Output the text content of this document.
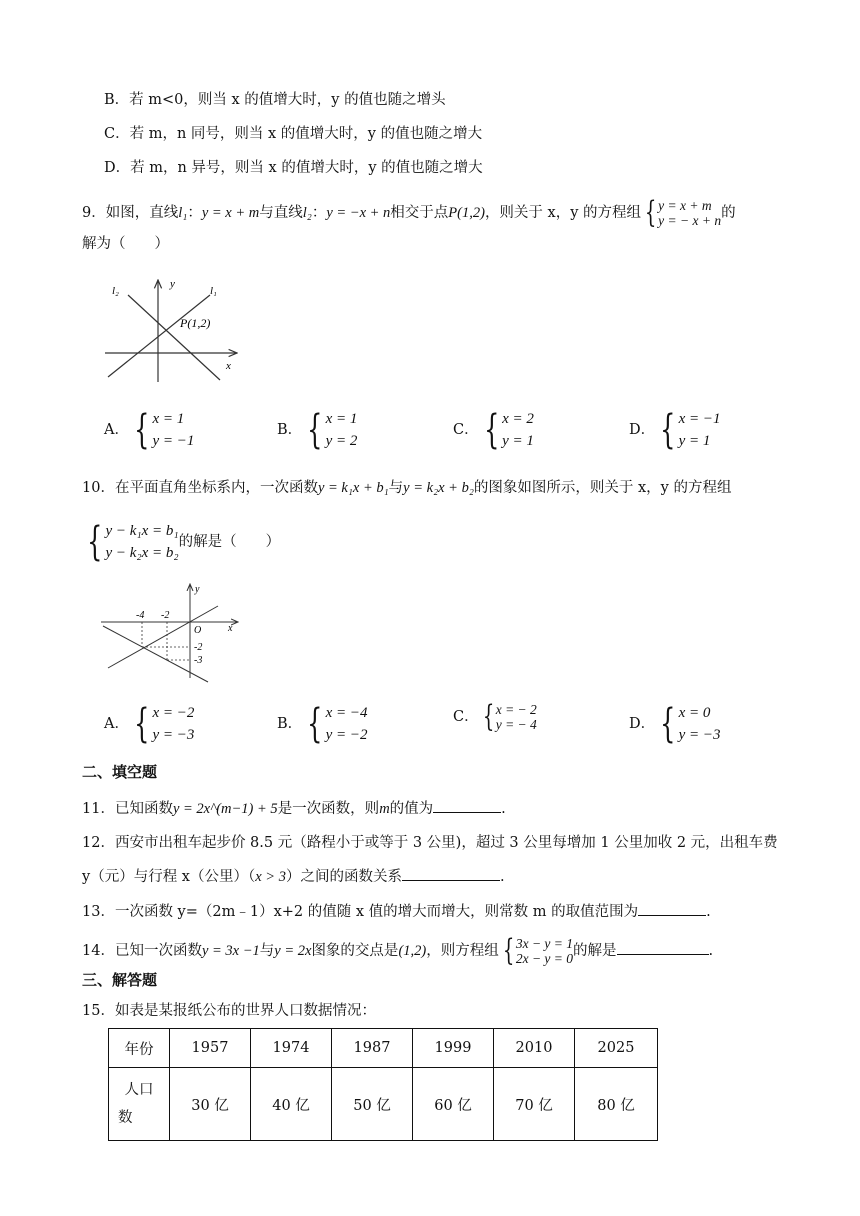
B．若 m<0，则当 x 的值增大时，y 的值也随之增头
C．若 m，n 同号，则当 x 的值增大时，y 的值也随之增大
D．若 m，n 异号，则当 x 的值增大时，y 的值也随之增大
9．如图，直线l₁：y = x + m与直线l₂：y = −x + n相交于点P(1,2)，则关于 x，y 的方程组 { y = x + m
y = − x + n 的
解为（　　）
l₂
y
l₁
P(1,2)
x
A． { x = 1
y = −1
B． { x = 1
y = 2
C． { x = 2
y = 1
D． { x = −1
y = 1
10．在平面直角坐标系内，一次函数y = k₁x + b₁与y = k₂x + b₂的图象如图所示，则关于 x，y 的方程组
{ y − k₁x = b₁
y − k₂x = b₂
的解是（　　）
y
-4 -2
O	x
-2
-3
A． { x = −2
y = −3
B． { x = −4
y = −2
C． { x = − 2
y = − 4	D． { x = 0
y = −3
二、填空题
11．已知函数y = 2x^(m−1) + 5是一次函数，则m的值为	.
12．西安市出租车起步价 8.5 元（路程小于或等于 3 公里)，超过 3 公里每增加 1 公里加收 2 元，出租车费
y（元）与行程 x（公里）（x > 3）之间的函数关系	.
13．一次函数 y=（2m﹣1）x+2 的值随 x 值的增大而增大，则常数 m 的取值范围为	.
14．已知一次函数y = 3x −1与y = 2x图象的交点是(1,2)，则方程组 { 3x − y = 1
2x − y = 0 的解是	.
三、解答题
15．如表是某报纸公布的世界人口数据情况：
年份	1957	1974	1987	1999	2010	2025

人口
数	30 亿	40 亿	50 亿	60 亿	70 亿	80 亿
